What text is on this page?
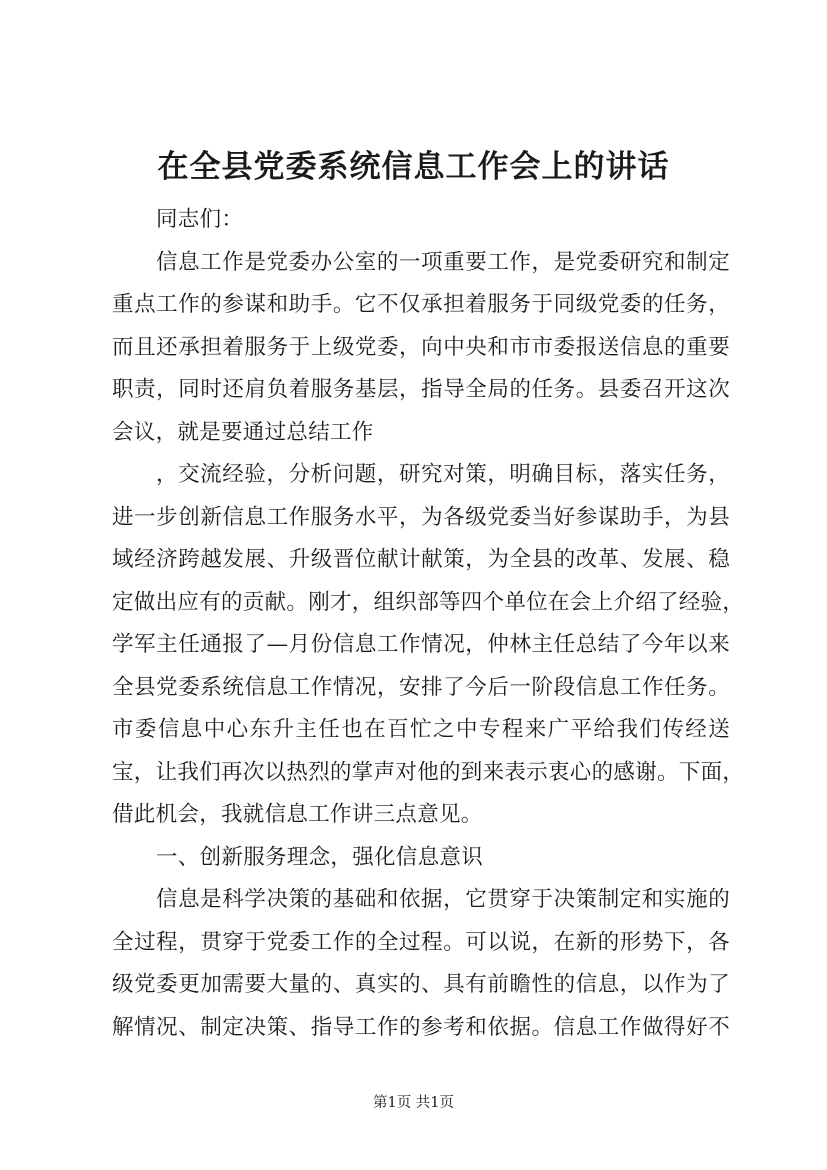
在全县党委系统信息工作会上的讲话
同志们：
信息工作是党委办公室的一项重要工作，是党委研究和制定
重点工作的参谋和助手。它不仅承担着服务于同级党委的任务，
而且还承担着服务于上级党委，向中央和市市委报送信息的重要
职责，同时还肩负着服务基层，指导全局的任务。县委召开这次
会议，就是要通过总结工作
，交流经验，分析问题，研究对策，明确目标，落实任务，
进一步创新信息工作服务水平，为各级党委当好参谋助手，为县
域经济跨越发展、升级晋位献计献策，为全县的改革、发展、稳
定做出应有的贡献。刚才，组织部等四个单位在会上介绍了经验，
学军主任通报了—月份信息工作情况，仲林主任总结了今年以来
全县党委系统信息工作情况，安排了今后一阶段信息工作任务。
市委信息中心东升主任也在百忙之中专程来广平给我们传经送
宝，让我们再次以热烈的掌声对他的到来表示衷心的感谢。下面，
借此机会，我就信息工作讲三点意见。
一、创新服务理念，强化信息意识
信息是科学决策的基础和依据，它贯穿于决策制定和实施的
全过程，贯穿于党委工作的全过程。可以说，在新的形势下，各
级党委更加需要大量的、真实的、具有前瞻性的信息，以作为了
解情况、制定决策、指导工作的参考和依据。信息工作做得好不
第1页 共1页
